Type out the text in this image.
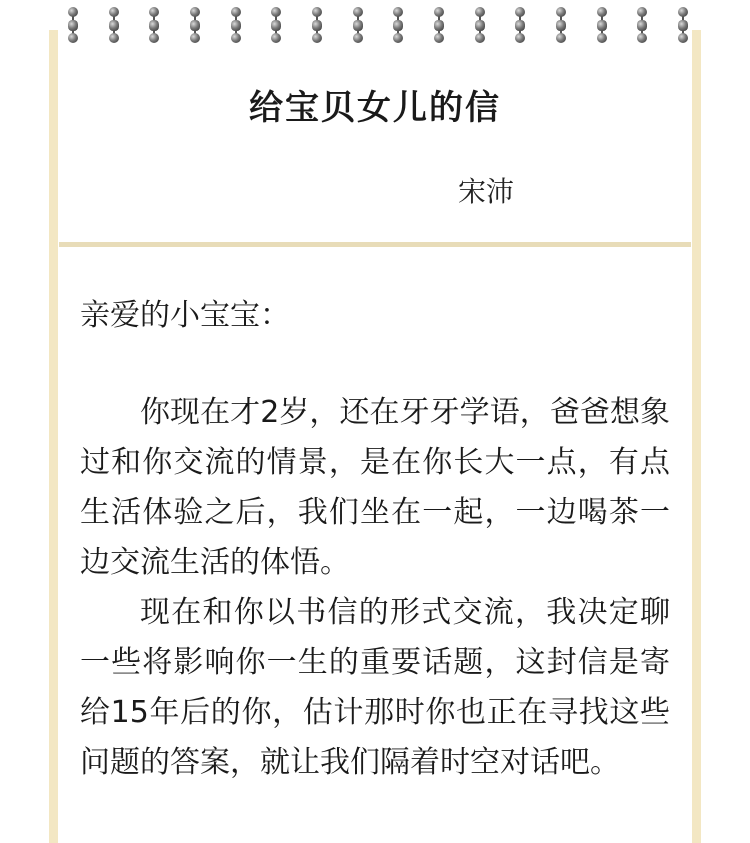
给宝贝女儿的信
宋沛
亲爱的小宝宝：

你现在才2岁，还在牙牙学语，爸爸想象过和你交流的情景，是在你长大一点，有点生活体验之后，我们坐在一起，一边喝茶一边交流生活的体悟。

现在和你以书信的形式交流，我决定聊一些将影响你一生的重要话题，这封信是寄给15年后的你，估计那时你也正在寻找这些问题的答案，就让我们隔着时空对话吧。
